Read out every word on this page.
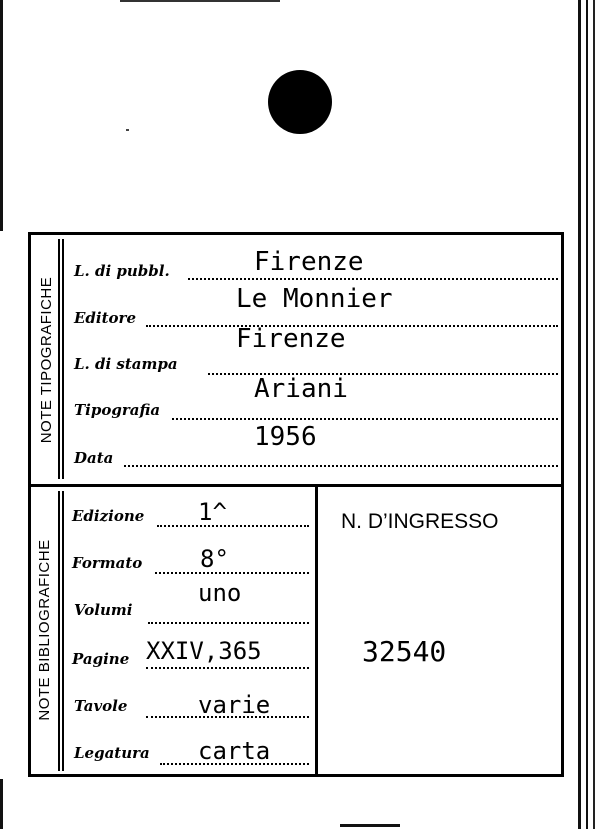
NOTE TIPOGRAFICHE
NOTE BIBLIOGRAFICHE
L. di pubbl.	Firenze
Editore
Le Monnier
L. di stampa
Firenze
Tipografia
Ariani
Data
1956
Edizione 1^
Formato 8°
Volumi
uno
Pagine XXIV,365
Tavole	varie
Legatura carta
N. D’INGRESSO
32540
